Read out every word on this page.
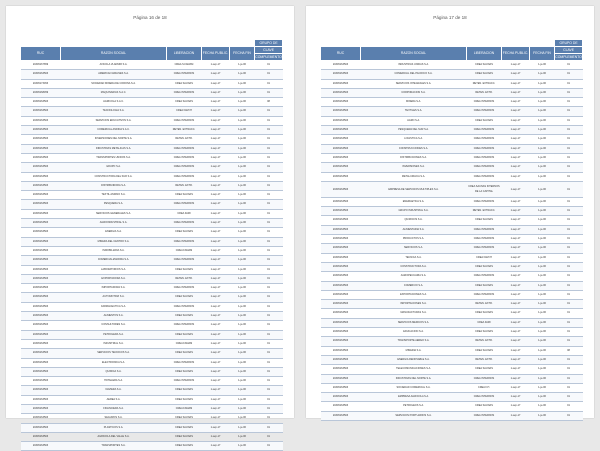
Página 16 de 18
					GRUPO DE
RUC	RAZON SOCIAL	LIBERACION	FECHA PUBLIC.	FECHA FIN	CLAVE
					COMPLEMENTO
20345167659	AVICOLA VLADMIR S.A.	CREA S.FAMAM	1-sep-17	1-ju-06	01
20345163503	AMERICAN AIRLINES S.A.	CREA INTERNOS	1-sep-17	1-ju-06	01
20345173453	SOCIEDAD MINERA DE CORONA S.A.	CREA SAUNAS	1-sep-17	1-ju-06	01
20345168459	MAQUINARIAS S.A.C.	CREA INTERNOS	1-sep-17	1-ju-06	01
20345163503	AGRICOLA S.A.C.	CREA SAUNAS	1-sep-17	1-ju-06	08
20345163503	TECNOLOGIA S.A.	CREA FAMI H	1-sep-17	1-ju-06	01
20345163503	SERVICIOS EDUCATIVOS S.A.	CREA INTERNOS	1-sep-17	1-ju-06	01
20345163503	COMERCIAL ANDINA S.A.C.	RETEN. EXTRACC.	1-sep-17	1-ju-06	01
20345163503	INVERSIONES DEL NORTE S.A.	RETEN. EXTR.	1-sep-17	1-ju-06	01
20345163503	INDUSTRIAS METALICAS S.A.	CREA INTERNOS	1-sep-17	1-ju-06	01
20345163503	TRANSPORTES UNIDOS S.A.	CREA INTERNOS	1-sep-17	1-ju-06	01
20345163503	GRUPO S.A.	CREA INTERNOS	1-sep-17	1-ju-06	01
20345163503	CONSTRUCTORA DEL SUR S.A.	CREA INTERNOS	1-sep-17	1-ju-06	01
20345163503	DISTRIBUIDORA S.A.	RETEN. EXTR.	1-sep-17	1-ju-06	01
20345163503	TEXTIL ANDINO S.A.	CREA SAUNAS	1-sep-17	1-ju-06	01
20345163503	PESQUERA S.A.	CREA INTERNOS	1-sep-17	1-ju-06	01
20345163503	SERVICIOS GENERALES S.A.	CREA FAMI	1-sep-17	1-ju-06	01
20345163503	AGROINDUSTRIAL S.A.	CREA INTERNOS	1-sep-17	1-ju-06	01
20345163503	ENERGIA S.A.	CREA SAUNAS	1-sep-17	1-ju-06	01
20345163503	MINERA DEL CENTRO S.A.	CREA INTERNOS	1-sep-17	1-ju-06	01
20345163503	INMOBILIARIA S.A.	CREA FAMAM	1-sep-17	1-ju-06	01
20345163503	COMERCIALIZADORA S.A.	CREA INTERNOS	1-sep-17	1-ju-06	01
20345163503	LABORATORIOS S.A.	CREA SAUNAS	1-sep-17	1-ju-06	01
20345163503	EXPORTADORA S.A.	RETEN. EXTR.	1-sep-17	1-ju-06	01
20345163503	IMPORTADORA S.A.	CREA INTERNOS	1-sep-17	1-ju-06	01
20345163503	AUTOMOTRIZ S.A.	CREA SAUNAS	1-sep-17	1-ju-06	01
20345163503	FARMACEUTICA S.A.	CREA INTERNOS	1-sep-17	1-ju-06	01
20345163503	ALIMENTOS S.A.	CREA SAUNAS	1-sep-17	1-ju-06	01
20345163503	CONSULTORES S.A.	CREA INTERNOS	1-sep-17	1-ju-06	01
20345163503	PETROLERA S.A.	CREA SAUNAS	1-sep-17	1-ju-06	01
20345163503	INDUSTRIAL S.A.	CREA FAMAM	1-sep-17	1-ju-06	01
20345163503	SERVICIOS TECNICOS S.A.	CREA SAUNAS	1-sep-17	1-ju-06	01
20345163503	ELECTRONICA S.A.	CREA INTERNOS	1-sep-17	1-ju-06	01
20345163503	QUIMICA S.A.	CREA SAUNAS	1-sep-17	1-ju-06	01
20345163503	HOTELERA S.A.	CREA INTERNOS	1-sep-17	1-ju-06	01
20345163503	NAVIERA S.A.	CREA SAUNAS	1-sep-17	1-ju-06	01
20345163503	AEREA S.A.	CREA SAUNAS	1-sep-17	1-ju-06	01
20345163503	FINANCIERA S.A.	CREA FAMAM	1-sep-17	1-ju-06	01
20345163503	SEGUROS S.A.	CREA SAUNAS	1-sep-17	1-ju-06	01
20345163503	PLASTICOS S.A.	CREA SAUNAS	1-sep-17	1-ju-06	01
20345163503	AGRICOLA DEL VALLE S.A.	CREA SAUNAS	1-sep-17	1-ju-06	01
20345163503	TRANSPORTES S.A.	CREA SAUNAS	1-sep-17	1-ju-06	01
Página 17 de 18
					GRUPO DE
RUC	RAZON SOCIAL	LIBERACION	FECHA PUBLIC.	FECHA FIN	CLAVE
					COMPLEMENTO
20345163503	INDUSTRIAS UNIDAS S.A.	CREA SAUNAS	1-sep-17	1-ju-06	01
20345163503	COMERCIAL DEL PACIFICO S.A.	CREA SAUNAS	1-sep-17	1-ju-06	01
20345163503	SERVICIOS INTEGRALES S.A.	RETEN. EXTRACC.	1-sep-17	1-ju-06	01
20345163503	CORPORACION S.A.	RETEN. EXTR.	1-sep-17	1-ju-06	01
20345163503	MINERA S.A.	CREA INTERNOS	1-sep-17	1-ju-06	01
20345163503	TEXTILES S.A.	CREA INTERNOS	1-sep-17	1-ju-06	01
20345163503	AGRO S.A.	CREA SAUNAS	1-sep-17	1-ju-06	01
20345163503	PESQUERA DEL SUR S.A.	CREA INTERNOS	1-sep-17	1-ju-06	01
20345163503	LOGISTICA S.A.	CREA INTERNOS	1-sep-17	1-ju-06	01
20345163503	CONSTRUCCIONES S.A.	CREA INTERNOS	1-sep-17	1-ju-06	01
20345163503	DISTRIBUCIONES S.A.	CREA INTERNOS	1-sep-17	1-ju-06	01
20345163503	INVERSIONES S.A.	CREA INTERNOS	1-sep-17	1-ju-06	01
20345163503	METALURGICA S.A.	CREA INTERNOS	1-sep-17	1-ju-06	01
20345163503	EMPRESA DE SERVICIOS MULTIPLES S.A.	CREA SAUNAS INTERNOS DE LA CAPITAL	1-sep-17	1-ju-06	01
20345163503	ENERGETICA S.A.	CREA INTERNOS	1-sep-17	1-ju-06	01
20345163503	GRUPO INDUSTRIAL S.A.	RETEN. EXTRACC.	1-sep-17	1-ju-06	01
20345163503	QUIMICOS S.A.	CREA SAUNAS	1-sep-17	1-ju-06	01
20345163503	ALIMENTARIA S.A.	CREA INTERNOS	1-sep-17	1-ju-06	01
20345163503	PRODUCTOS S.A.	CREA INTERNOS	1-sep-17	1-ju-06	01
20345163503	SERVICIOS S.A.	CREA INTERNOS	1-sep-17	1-ju-06	01
20345163503	TECNICA S.A.	CREA FAMI H	1-sep-17	1-ju-06	01
20345163503	CONSTRUCTORA S.A.	CREA SAUNAS	1-sep-17	1-ju-06	01
20345163503	AGROPECUARIA S.A.	CREA INTERNOS	1-sep-17	1-ju-06	01
20345163503	COMERCIO S.A.	CREA SAUNAS	1-sep-17	1-ju-06	01
20345163503	EXPORTACIONES S.A.	CREA INTERNOS	1-sep-17	1-ju-06	01
20345163503	IMPORTACIONES S.A.	RETEN. EXTR.	1-sep-17	1-ju-06	01
20345163503	MANUFACTURAS S.A.	CREA SAUNAS	1-sep-17	1-ju-06	01
20345163503	SERVICIOS MEDICOS S.A.	CREA FAMI	1-sep-17	1-ju-06	01
20345163503	EDUCACION S.A.	CREA SAUNAS	1-sep-17	1-ju-06	01
20345163503	TRANSPORTE AEREO S.A.	RETEN. EXTR.	1-sep-17	1-ju-06	01
20345163503	MINERIA S.A.	CREA SAUNAS	1-sep-17	1-ju-06	08
20345163503	ENERGIA RENOVABLE S.A.	RETEN. EXTR.	1-sep-17	1-ju-06	01
20345163503	TELECOMUNICACIONES S.A.	CREA SAUNAS	1-sep-17	1-ju-06	01
20345163503	INDUSTRIAS DEL NORTE S.A.	CREA INTERNOS	1-sep-17	1-ju-06	01
20345163503	SOCIEDAD COMERCIAL S.A.	CREA F.H.	1-sep-17	1-ju-06	01
20345163503	EMPRESA AGRICOLA S.A.	CREA INTERNOS	1-sep-17	1-ju-06	01
20345163503	PETROLEOS S.A.	CREA SAUNAS	1-sep-17	1-ju-06	01
20345163503	SERVICIOS PORTUARIOS S.A.	CREA INTERNOS	1-sep-17	1-ju-06	01
